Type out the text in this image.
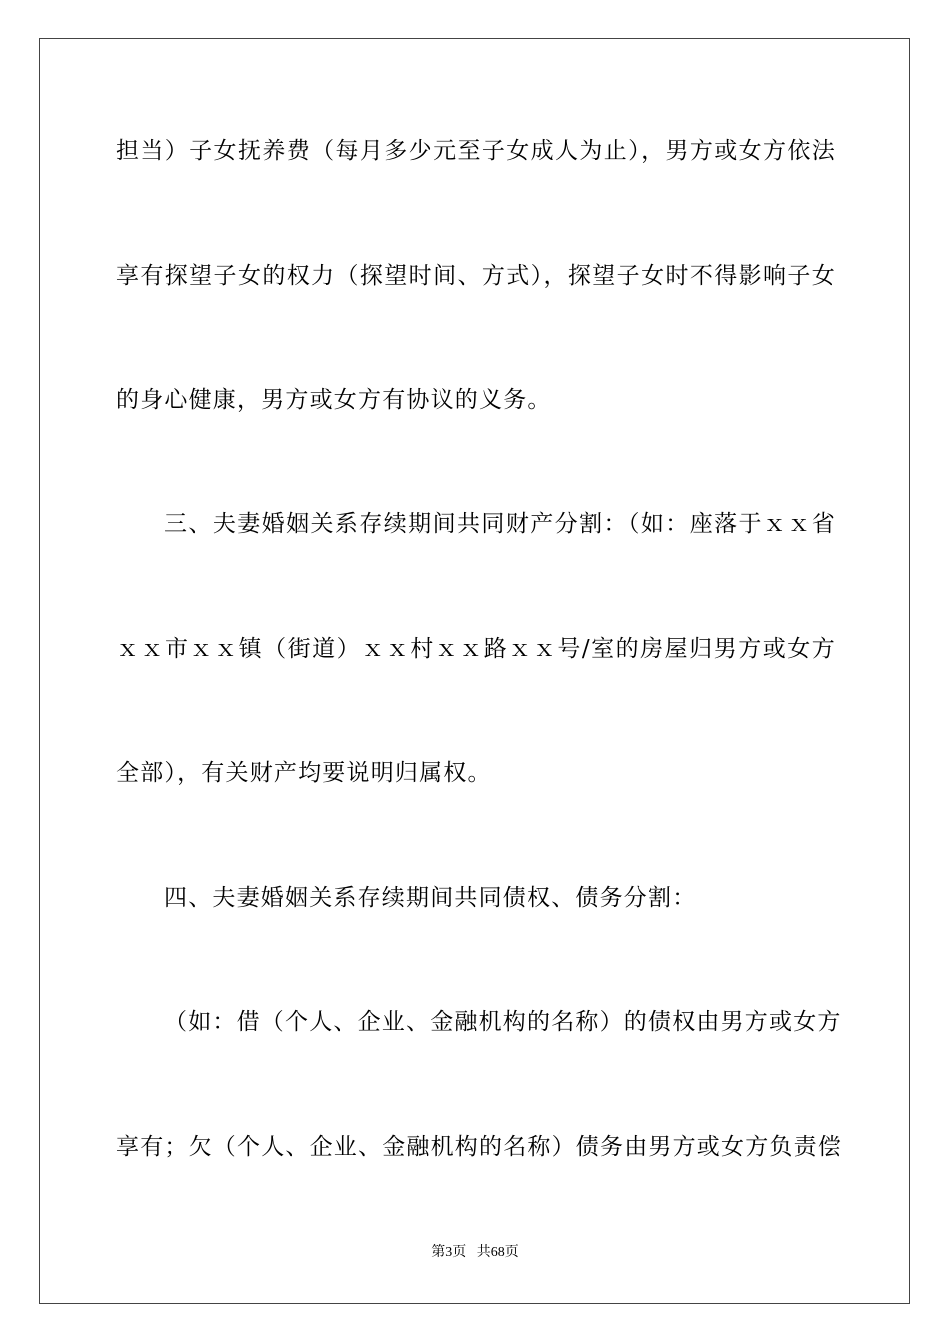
担当）子女抚养费（每月多少元至子女成人为止），男方或女方依法
享有探望子女的权力（探望时间、方式），探望子女时不得影响子女
的身心健康，男方或女方有协议的义务。
三、夫妻婚姻关系存续期间共同财产分割：（如：座落于ｘｘ省
ｘｘ市ｘｘ镇（街道）ｘｘ村ｘｘ路ｘｘ号/室的房屋归男方或女方
全部），有关财产均要说明归属权。
四、夫妻婚姻关系存续期间共同债权、债务分割：
（如：借（个人、企业、金融机构的名称）的债权由男方或女方
享有；欠（个人、企业、金融机构的名称）债务由男方或女方负责偿
第3页 共68页
